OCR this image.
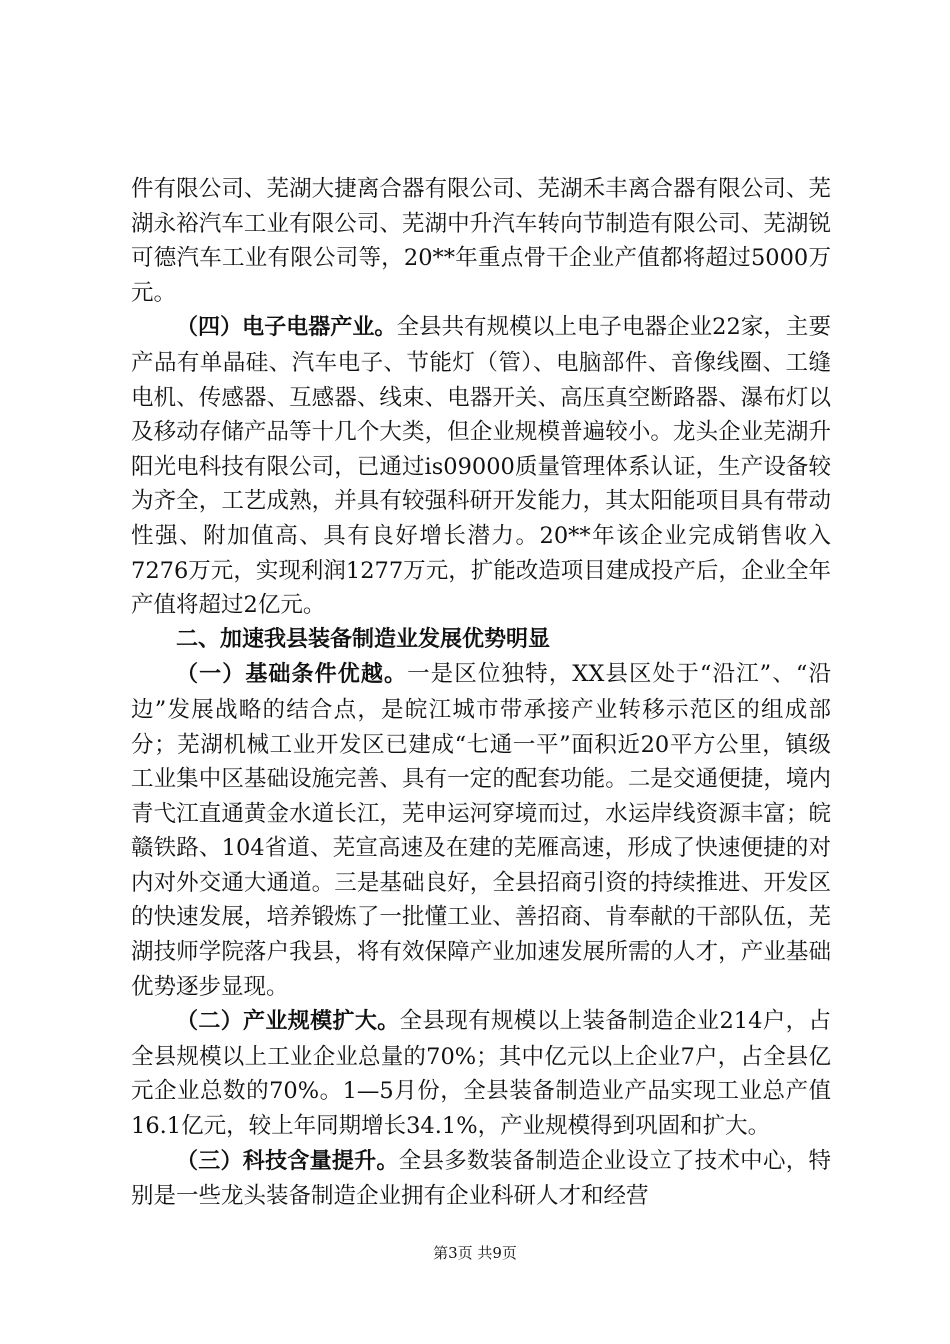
件有限公司、芜湖大捷离合器有限公司、芜湖禾丰离合器有限公司、芜湖永裕汽车工业有限公司、芜湖中升汽车转向节制造有限公司、芜湖锐可德汽车工业有限公司等，20**年重点骨干企业产值都将超过5000万元。

（四）电子电器产业。全县共有规模以上电子电器企业22家，主要产品有单晶硅、汽车电子、节能灯（管）、电脑部件、音像线圈、工缝电机、传感器、互感器、线束、电器开关、高压真空断路器、瀑布灯以及移动存储产品等十几个大类，但企业规模普遍较小。龙头企业芜湖升阳光电科技有限公司，已通过is09000质量管理体系认证，生产设备较为齐全，工艺成熟，并具有较强科研开发能力，其太阳能项目具有带动性强、附加值高、具有良好增长潜力。20**年该企业完成销售收入7276万元，实现利润1277万元，扩能改造项目建成投产后，企业全年产值将超过2亿元。

二、加速我县装备制造业发展优势明显

（一）基础条件优越。一是区位独特，XX县区处于“沿江”、“沿边”发展战略的结合点，是皖江城市带承接产业转移示范区的组成部分；芜湖机械工业开发区已建成“七通一平”面积近20平方公里，镇级工业集中区基础设施完善、具有一定的配套功能。二是交通便捷，境内青弋江直通黄金水道长江，芜申运河穿境而过，水运岸线资源丰富；皖赣铁路、104省道、芜宣高速及在建的芜雁高速，形成了快速便捷的对内对外交通大通道。三是基础良好，全县招商引资的持续推进、开发区的快速发展，培养锻炼了一批懂工业、善招商、肯奉献的干部队伍，芜湖技师学院落户我县，将有效保障产业加速发展所需的人才，产业基础优势逐步显现。

（二）产业规模扩大。全县现有规模以上装备制造企业214户，占全县规模以上工业企业总量的70%；其中亿元以上企业7户，占全县亿元企业总数的70%。1—5月份，全县装备制造业产品实现工业总产值16.1亿元，较上年同期增长34.1%，产业规模得到巩固和扩大。

（三）科技含量提升。全县多数装备制造企业设立了技术中心，特别是一些龙头装备制造企业拥有企业科研人才和经营

第3页 共9页
